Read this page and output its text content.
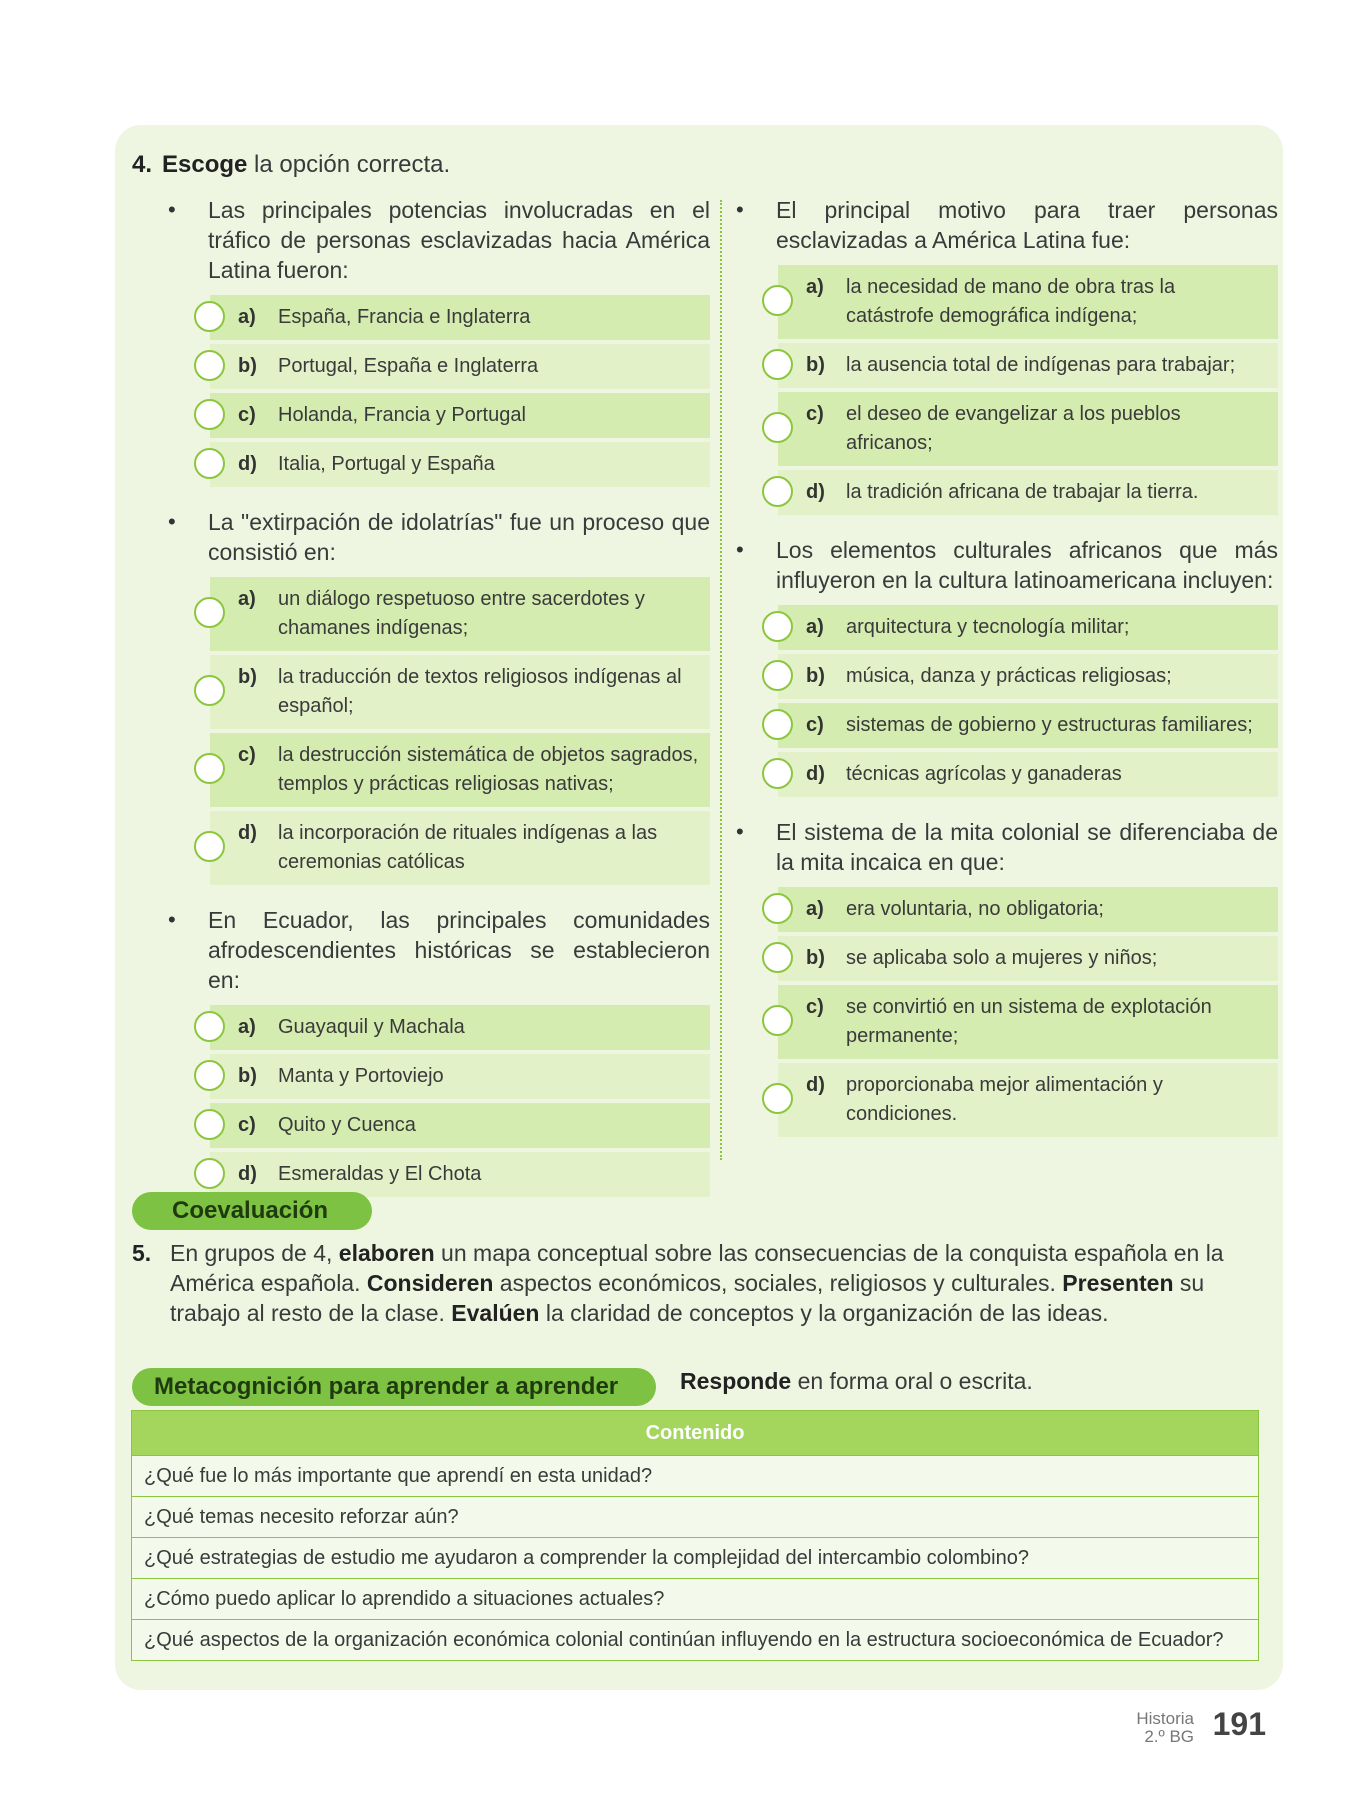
4. Escoge la opción correcta.
• Las principales potencias involucradas en el tráfico de personas esclavizadas hacia América Latina fueron:
a)	España, Francia e Inglaterra
b)	Portugal, España e Inglaterra
c)	Holanda, Francia y Portugal
d)	Italia, Portugal y España
• La "extirpación de idolatrías" fue un proceso que consistió en:
a)	un diálogo respetuoso entre sacerdotes y chamanes indígenas;
b)	la traducción de textos religiosos indígenas al español;
c)	la destrucción sistemática de objetos sagrados, templos y prácticas religiosas nativas;
d)	la incorporación de rituales indígenas a las ceremonias católicas
• En Ecuador, las principales comunidades afrodescendientes históricas se establecieron en:
a)	Guayaquil y Machala
b)	Manta y Portoviejo
c)	Quito y Cuenca
d)	Esmeraldas y El Chota
• El principal motivo para traer personas esclavizadas a América Latina fue:
a)	la necesidad de mano de obra tras la catástrofe demográfica indígena;
b)	la ausencia total de indígenas para trabajar;
c)	el deseo de evangelizar a los pueblos africanos;
d)	la tradición africana de trabajar la tierra.
• Los elementos culturales africanos que más influyeron en la cultura latinoamericana incluyen:
a)	arquitectura y tecnología militar;
b)	música, danza y prácticas religiosas;
c)	sistemas de gobierno y estructuras familiares;
d)	técnicas agrícolas y ganaderas
• El sistema de la mita colonial se diferenciaba de la mita incaica en que:
a)	era voluntaria, no obligatoria;
b)	se aplicaba solo a mujeres y niños;
c)	se convirtió en un sistema de explotación permanente;
d)	proporcionaba mejor alimentación y condiciones.
Coevaluación
5. En grupos de 4, elaboren un mapa conceptual sobre las consecuencias de la conquista española en la América española. Consideren aspectos económicos, sociales, religiosos y culturales. Presenten su trabajo al resto de la clase. Evalúen la claridad de conceptos y la organización de las ideas.
Metacognición para aprender a aprender	Responde en forma oral o escrita.
Contenido
¿Qué fue lo más importante que aprendí en esta unidad?
¿Qué temas necesito reforzar aún?
¿Qué estrategias de estudio me ayudaron a comprender la complejidad del intercambio colombino?
¿Cómo puedo aplicar lo aprendido a situaciones actuales?
¿Qué aspectos de la organización económica colonial continúan influyendo en la estructura socioeconómica de Ecuador?
Historia
2.º BG 191
